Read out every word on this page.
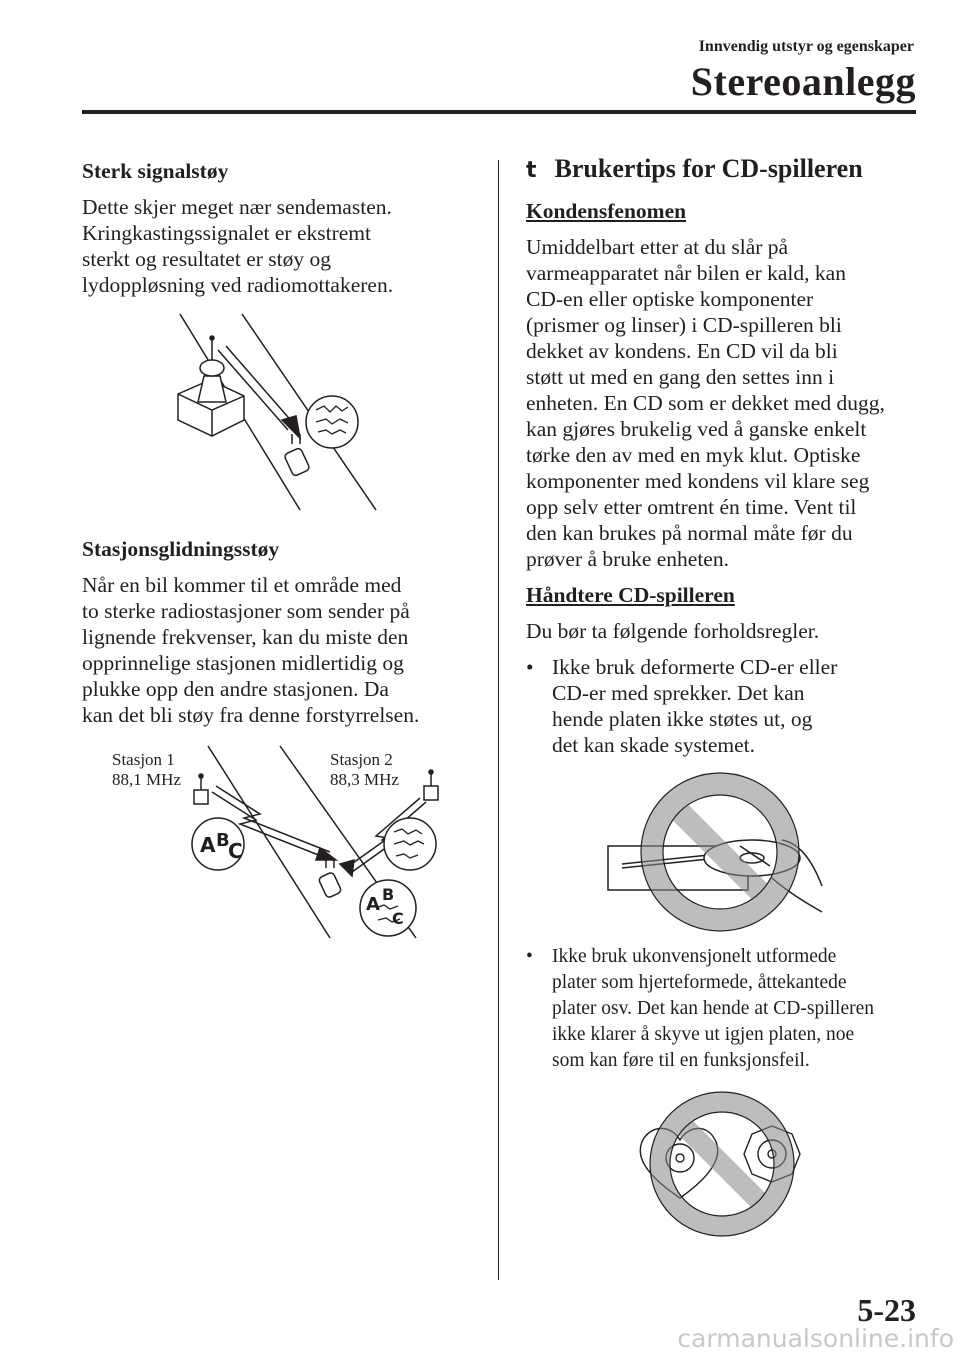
Innvendig utstyr og egenskaper
Stereoanlegg

Sterk signalstøy

Dette skjer meget nær sendemasten.
Kringkastingssignalet er ekstremt
sterkt og resultatet er støy og
lydoppløsning ved radiomottakeren.

Stasjonsglidningsstøy

Når en bil kommer til et område med
to sterke radiostasjoner som sender på
lignende frekvenser, kan du miste den
opprinnelige stasjonen midlertidig og
plukke opp den andre stasjonen. Da
kan det bli støy fra denne forstyrrelsen.

Stasjon 1
88,1 MHz
Stasjon 2
88,3 MHz
A B
C
A B
C
t Brukertips for CD-spilleren

Kondensfenomen

Umiddelbart etter at du slår på
varmeapparatet når bilen er kald, kan
CD-en eller optiske komponenter
(prismer og linser) i CD-spilleren bli
dekket av kondens. En CD vil da bli
støtt ut med en gang den settes inn i
enheten. En CD som er dekket med dugg,
kan gjøres brukelig ved å ganske enkelt
tørke den av med en myk klut. Optiske
komponenter med kondens vil klare seg
opp selv etter omtrent én time. Vent til
den kan brukes på normal måte før du
prøver å bruke enheten.

Håndtere CD-spilleren

Du bør ta følgende forholdsregler.

• Ikke bruk deformerte CD-er eller
CD-er med sprekker. Det kan
hende platen ikke støtes ut, og
det kan skade systemet.
• Ikke bruk ukonvensjonelt utformede
plater som hjerteformede, åttekantede
plater osv. Det kan hende at CD-spilleren
ikke klarer å skyve ut igjen platen, noe
som kan føre til en funksjonsfeil.
5-23
carmanualsonline.info
